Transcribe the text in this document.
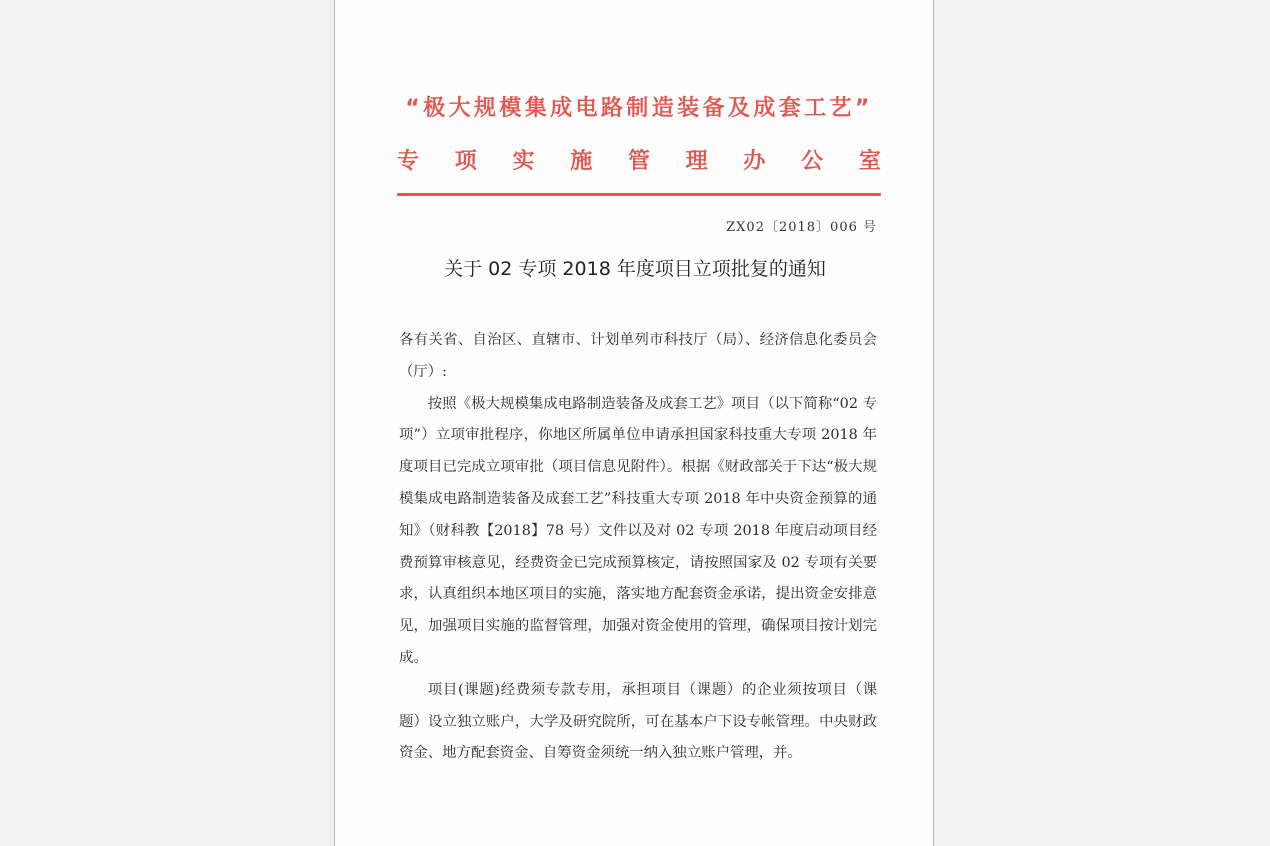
“极大规模集成电路制造装备及成套工艺”
专 项 实 施 管 理 办 公 室
ZX02〔2018〕006 号
关于 02 专项 2018 年度项目立项批复的通知

各有关省、自治区、直辖市、计划单列市科技厅（局）、经济信息化委员会（厅）:

按照《极大规模集成电路制造装备及成套工艺》项目（以下简称“02 专项”）立项审批程序，你地区所属单位申请承担国家科技重大专项 2018 年度项目已完成立项审批（项目信息见附件）。根据《财政部关于下达“极大规模集成电路制造装备及成套工艺”科技重大专项 2018 年中央资金预算的通知》（财科教【2018】78 号）文件以及对 02 专项 2018 年度启动项目经费预算审核意见，经费资金已完成预算核定，请按照国家及 02 专项有关要求，认真组织本地区项目的实施，落实地方配套资金承诺，提出资金安排意见，加强项目实施的监督管理，加强对资金使用的管理，确保项目按计划完成。

项目(课题)经费须专款专用，承担项目（课题）的企业须按项目（课题）设立独立账户，大学及研究院所，可在基本户下设专帐管理。中央财政资金、地方配套资金、自筹资金须统一纳入独立账户管理，并。
